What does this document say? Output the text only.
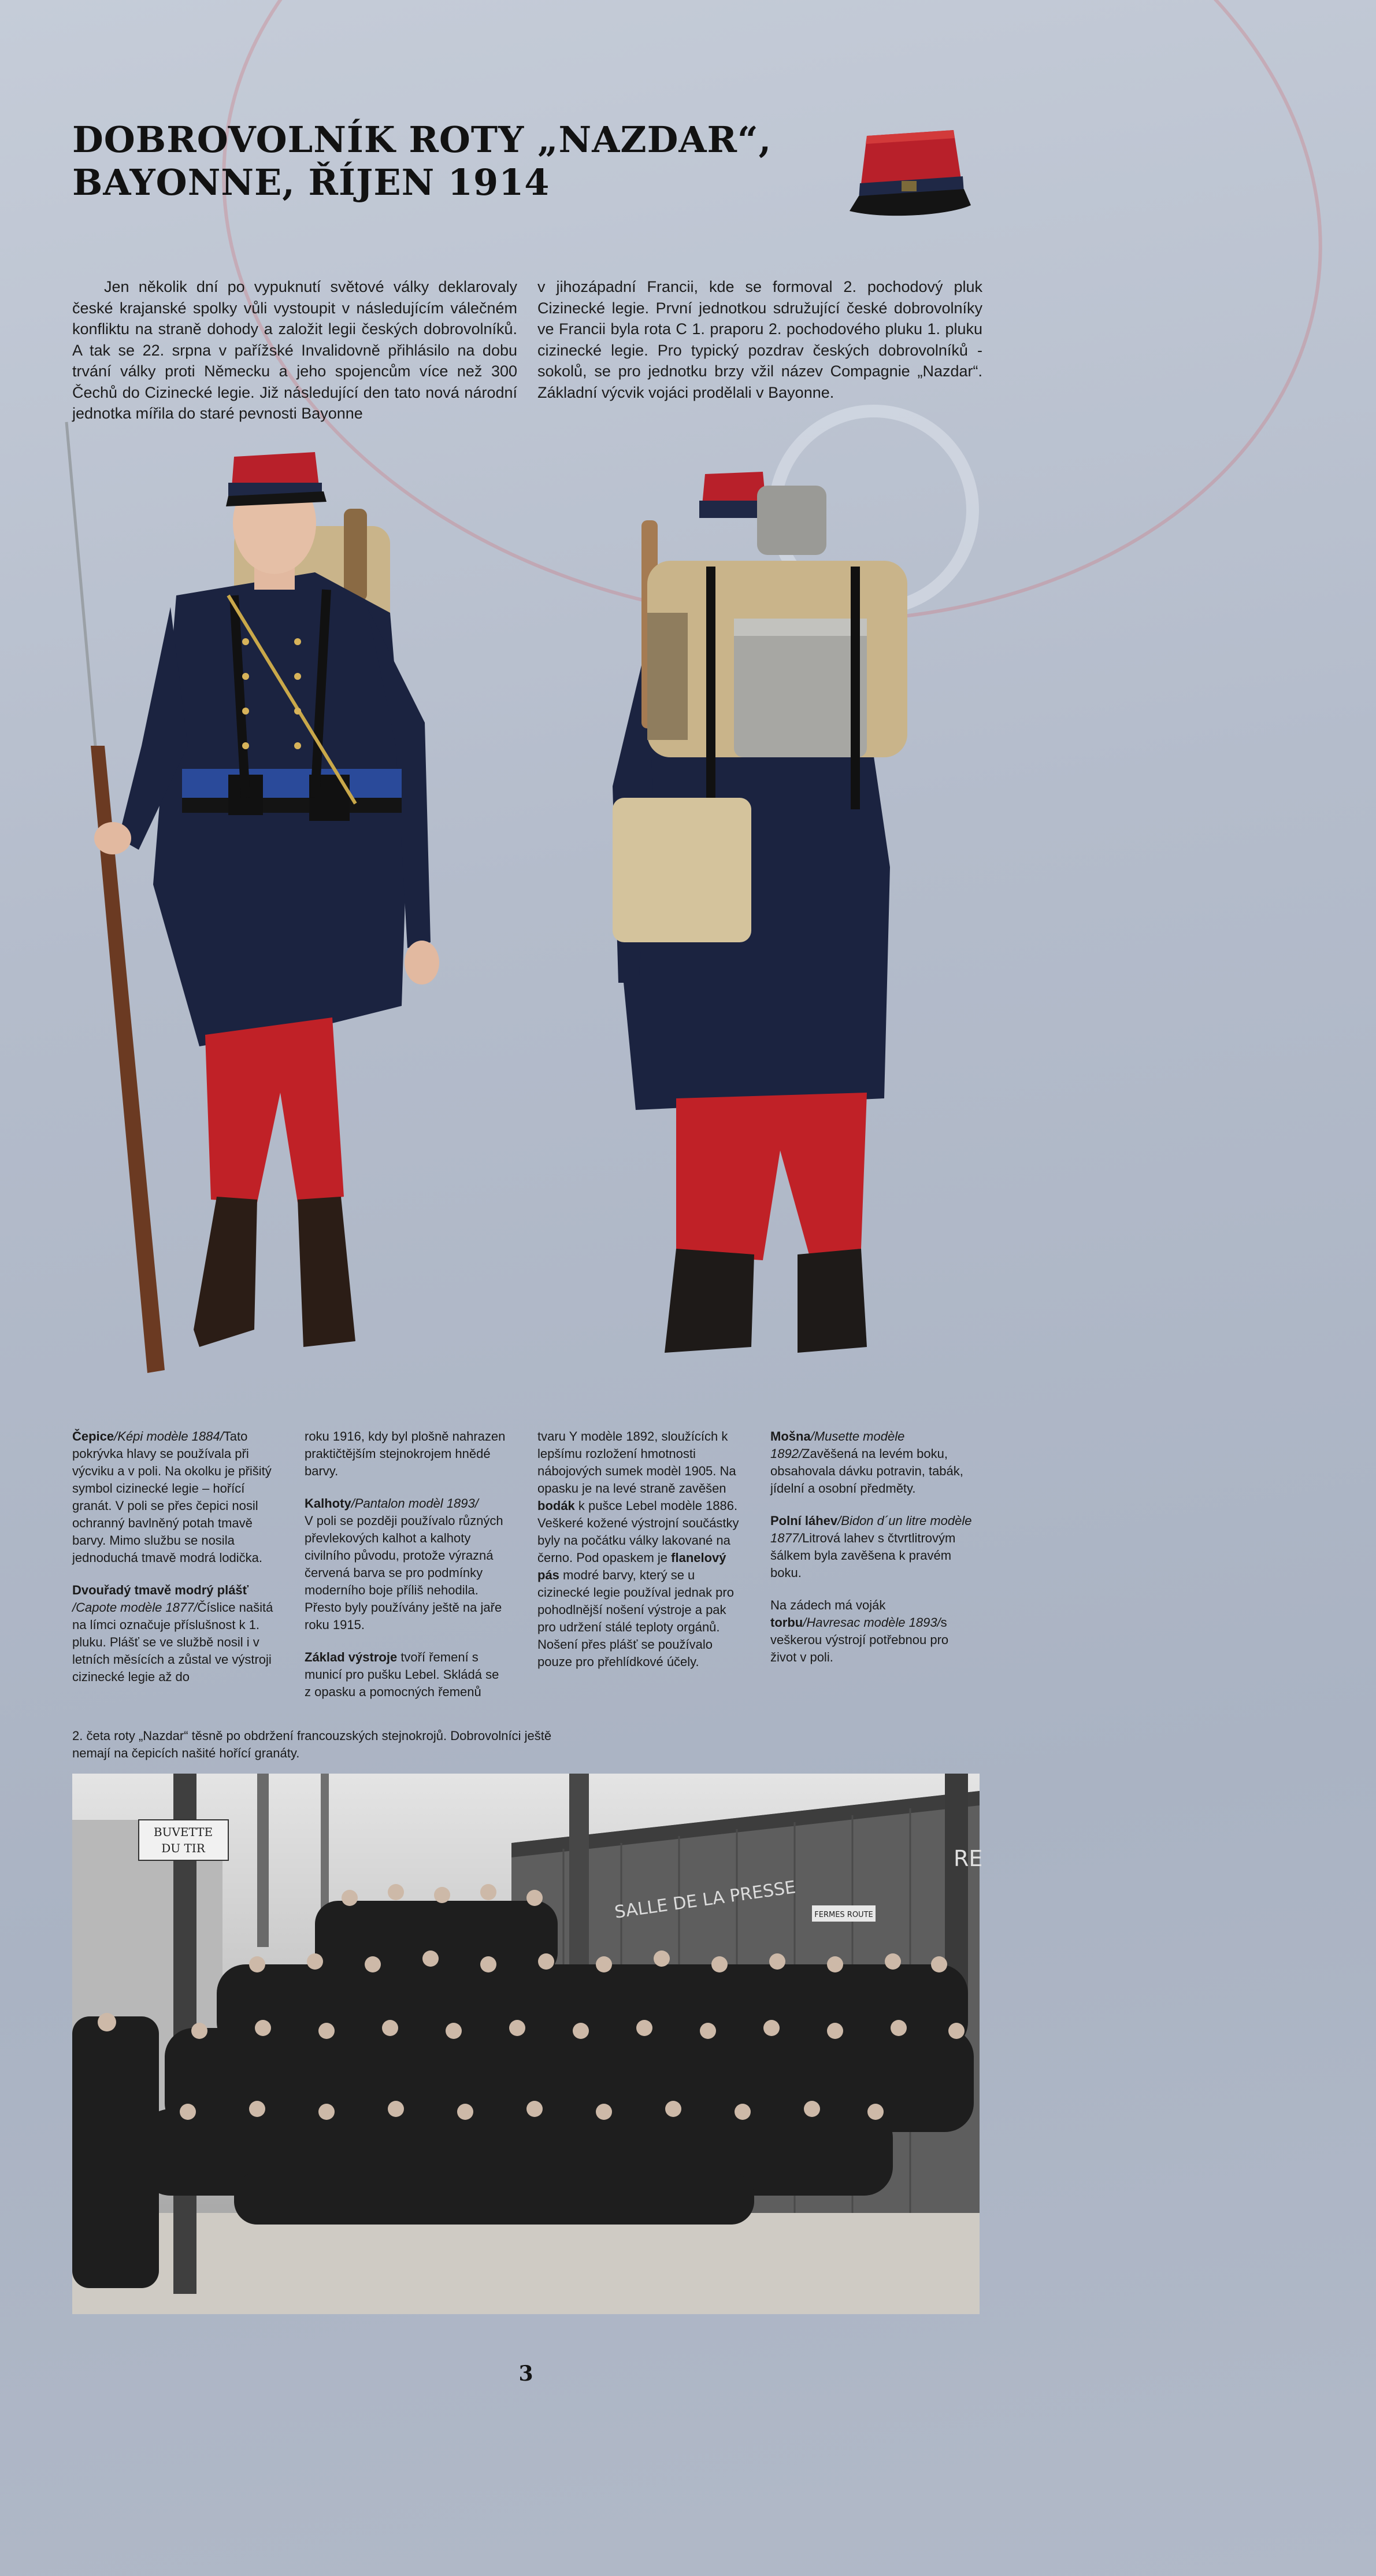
DOBROVOLNÍK ROTY „NAZDAR“,
BAYONNE, ŘÍJEN 1914
Jen několik dní po vypuknutí světové války deklarovaly české krajanské spolky vůli vystoupit v následujícím válečném konfliktu na straně dohody a založit legii českých dobrovolníků. A tak se 22. srpna v pařížské Invalidovně přihlásilo na dobu trvání války proti Německu a jeho spojencům více než 300 Čechů do Cizinecké legie. Již následující den tato nová národní jednotka mířila do staré pevnosti Bayonne
v jihozápadní Francii, kde se formoval 2. pochodový pluk Cizinecké legie. První jednotkou sdružující české dobrovolníky ve Francii byla rota C 1. praporu 2. pochodového pluku 1. pluku cizinecké legie. Pro typický pozdrav českých dobrovolníků - sokolů, se pro jednotku brzy vžil název Compagnie „Nazdar“. Základní výcvik vojáci prodělali v Bayonne.

Čepice/Képi modèle 1884/Tato pokrývka hlavy se používala při výcviku a v poli. Na okolku je přišitý symbol cizinecké legie – hořící granát. V poli se přes čepici nosil ochranný bavlněný potah tmavě barvy. Mimo službu se nosila jednoduchá tmavě modrá lodička.

Dvouřadý tmavě modrý plášť
/Capote modèle 1877/Číslice našitá na límci označuje příslušnost k 1. pluku. Plášť se ve službě nosil i v letních měsících a zůstal ve výstroji cizinecké legie až do

roku 1916, kdy byl plošně nahrazen praktičtějším stejnokrojem hnědé barvy.

Kalhoty/Pantalon modèl 1893/
V poli se později používalo různých převlekových kalhot a kalhoty civilního původu, protože výrazná červená barva se pro podmínky moderního boje příliš nehodila. Přesto byly používány ještě na jaře roku 1915.

Základ výstroje tvoří řemení s municí pro pušku Lebel. Skládá se z opasku a pomocných řemenů

tvaru Y modèle 1892, sloužících k lepšímu rozložení hmotnosti nábojových sumek modèl 1905. Na opasku je na levé straně zavěšen bodák k pušce Lebel modèle 1886. Veškeré kožené výstrojní součástky byly na počátku války lakované na černo. Pod opaskem je flanelový pás modré barvy, který se u cizinecké legie používal jednak pro pohodlnější nošení výstroje a pak pro udržení stálé teploty orgánů. Nošení přes plášť se používalo pouze pro přehlídkové účely.

Mošna/Musette modèle 1892/Zavěšená na levém boku, obsahovala dávku potravin, tabák, jídelní a osobní předměty.

Polní láhev/Bidon d´un litre modèle 1877/Litrová lahev s čtvrtlitrovým šálkem byla zavěšena k pravém boku.

Na zádech má voják torbu/Havresac modèle 1893/s veškerou výstrojí potřebnou pro život v poli.

2. četa roty „Nazdar“ těsně po obdržení francouzských stejnokrojů. Dobrovolníci ještě nemají na čepicích našité hořící granáty.
BUVETTE
DU TIR
SALLE DE LA PRESSE FERMES ROUTE
RE
3
